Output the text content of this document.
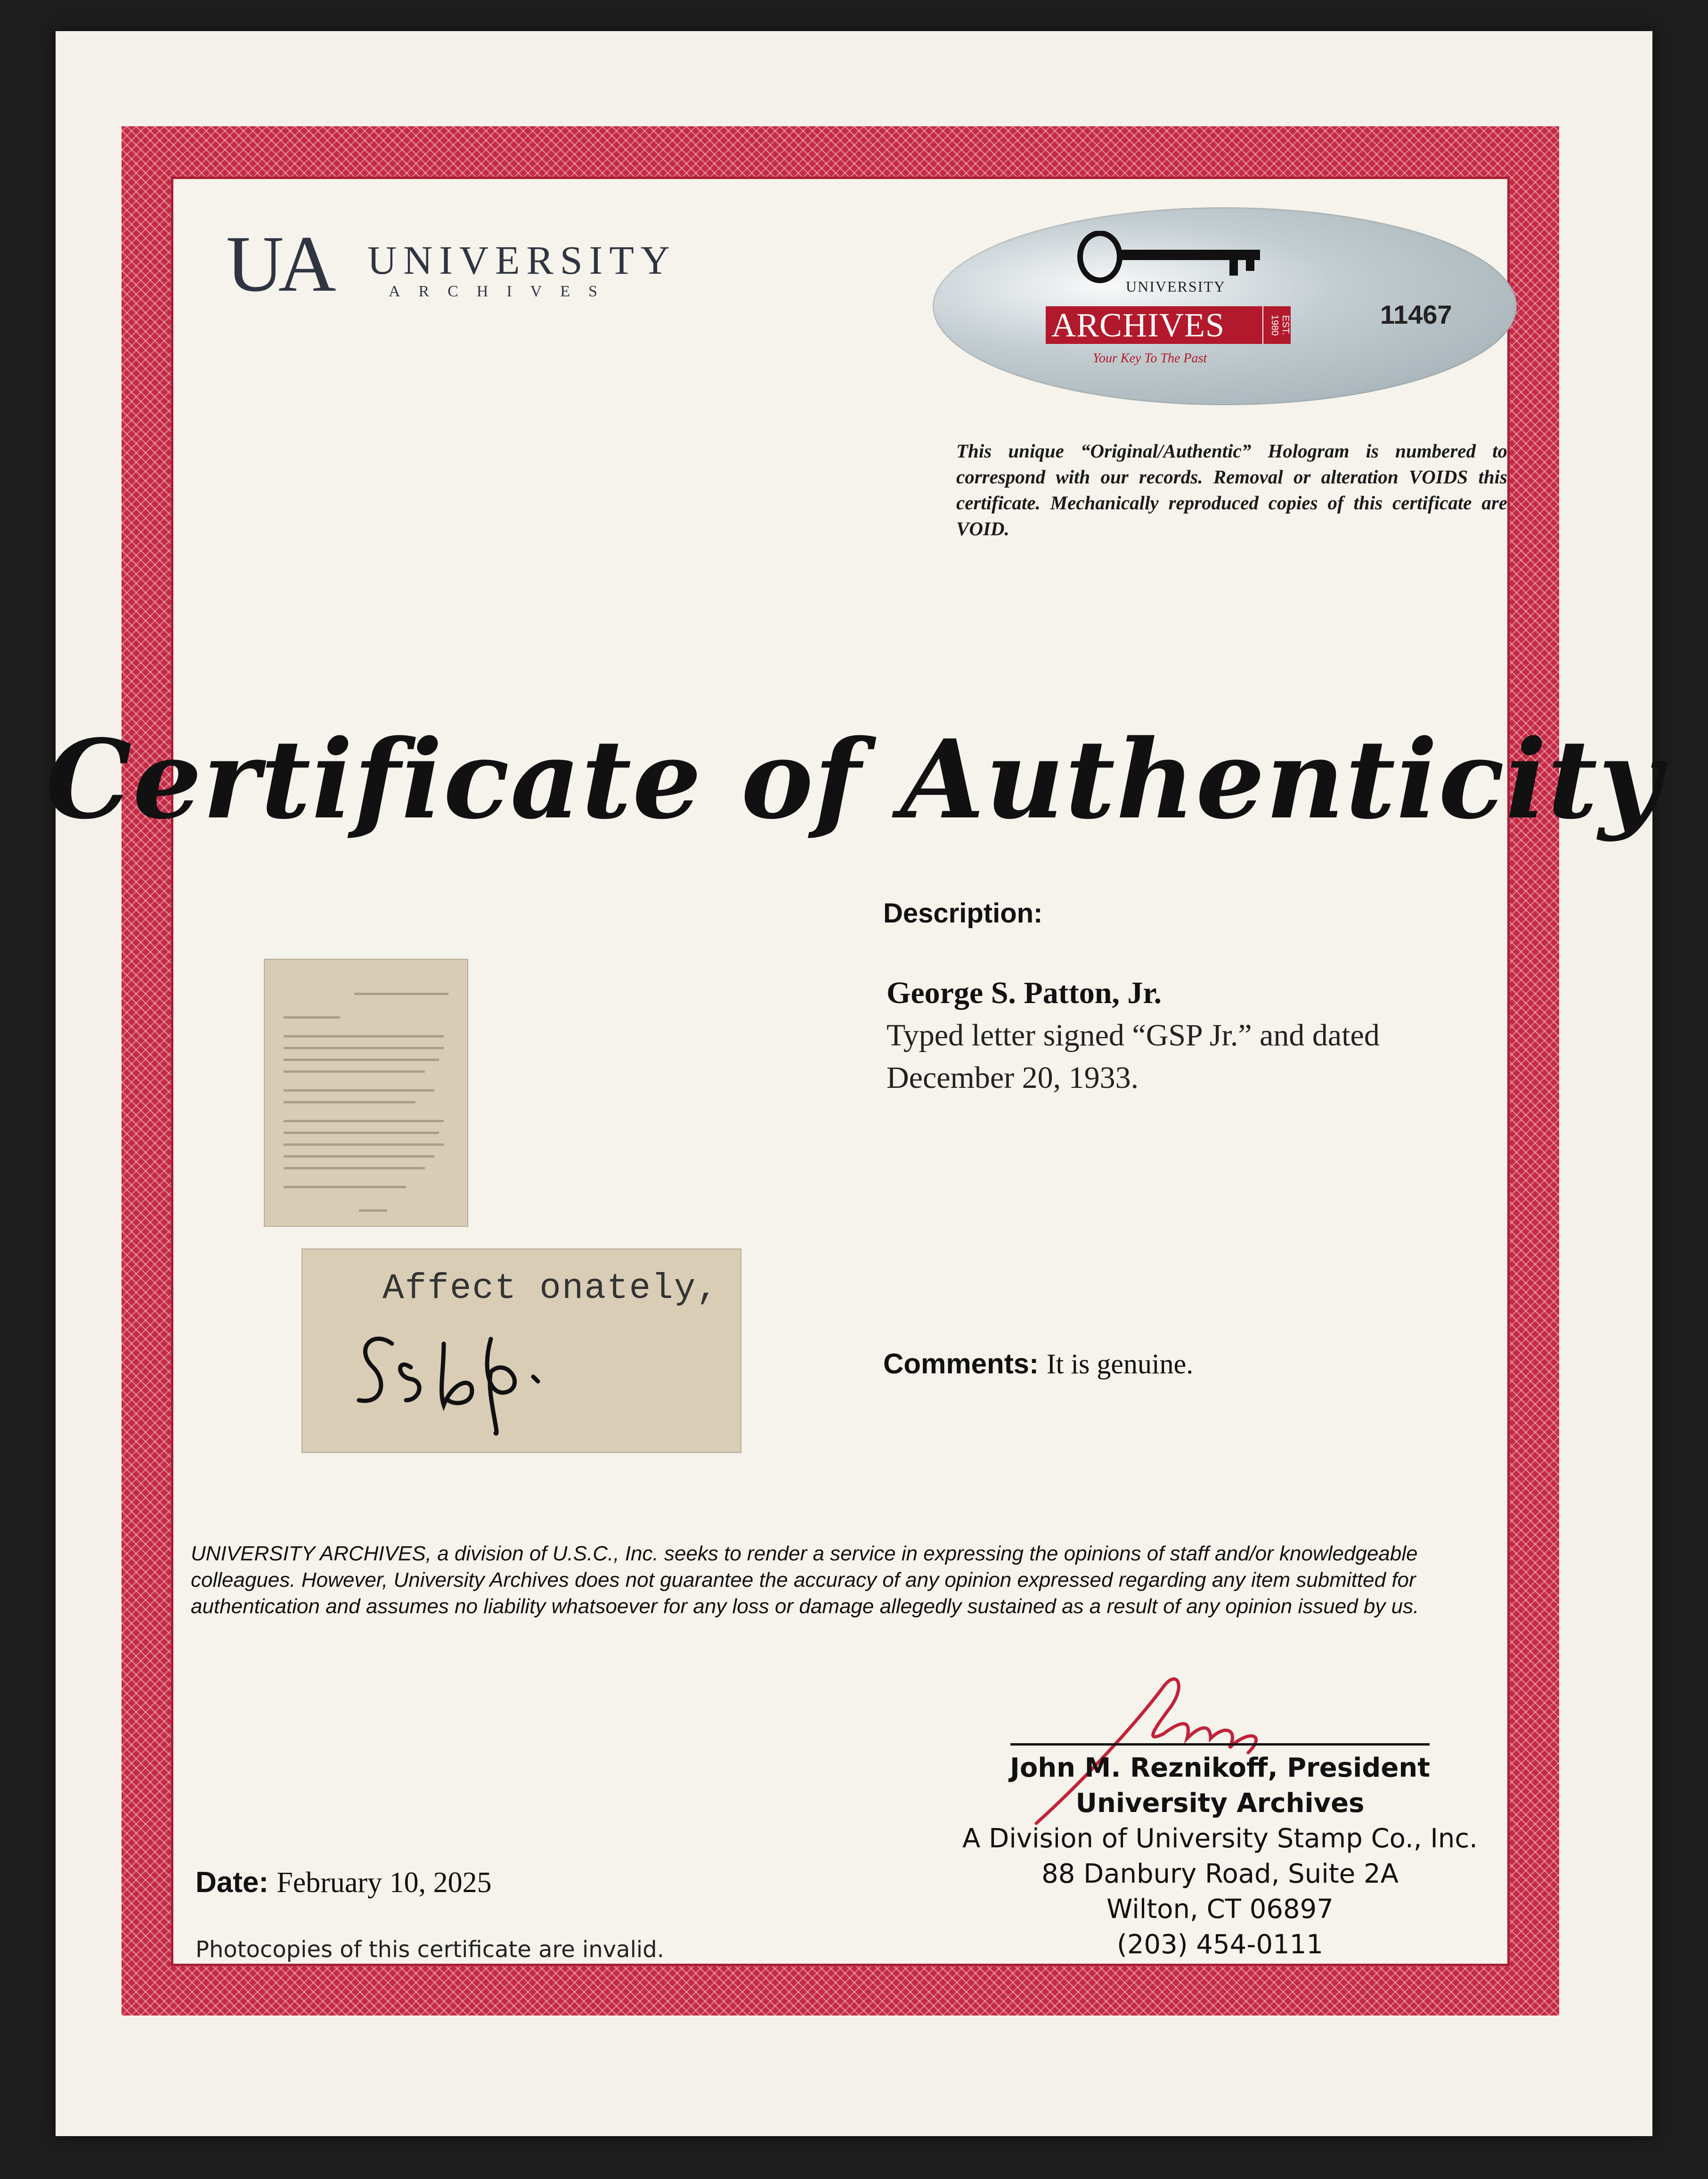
UA UNIVERSITY
ARCHIVES	UNIVERSITY
ARCHIVES	EST. 1980
Your Key To The Past
11467
This unique “Original/Authentic” Hologram is numbered to correspond with our records. Removal or alteration VOIDS this certificate. Mechanically reproduced copies of this certificate are VOID.
Certificate of Authenticity
Description:
George S. Patton, Jr.
Typed letter signed “GSP Jr.” and dated
December 20, 1933.
Affect onately,
Comments: It is genuine.
UNIVERSITY ARCHIVES, a division of U.S.C., Inc. seeks to render a service in expressing the opinions of staff and/or knowledgeable colleagues. However, University Archives does not guarantee the accuracy of any opinion expressed regarding any item submitted for authentication and assumes no liability whatsoever for any loss or damage allegedly sustained as a result of any opinion issued by us.
John M. Reznikoff, President
University Archives
A Division of University Stamp Co., Inc.
88 Danbury Road, Suite 2A
Wilton, CT 06897
(203) 454-0111
Date: February 10, 2025
Photocopies of this certificate are invalid.
